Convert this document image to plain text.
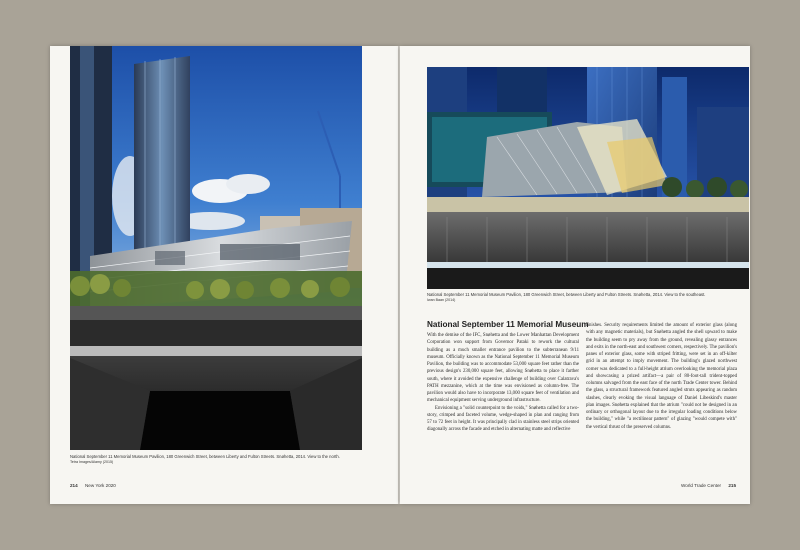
National September 11 Memorial Museum Pavilion, 180 Greenwich Street, between Liberty and Fulton Streets. Snøhetta, 2014. View to the north.
Tetra Images/Alamy (2015)
214 New York 2020
National September 11 Memorial Museum Pavilion, 180 Greenwich Street, between Liberty and Fulton Streets. Snøhetta, 2014. View to the southeast.
Iwan Baan (2014)
National September 11 Memorial Museum

With the demise of the IFC, Snøhetta and the Lower Manhattan Development Corporation won support from Governor Pataki to rework the cultural building as a much smaller entrance pavilion to the subterranean 9/11 museum. Officially known as the National September 11 Memorial Museum Pavilion, the building was to accommodate 53,000 square feet rather than the previous design's 230,000 square feet, allowing Snøhetta to place it farther south, where it avoided the expensive challenge of building over Calatrava's PATH mezzanine, which at the time was envisioned as column-free. The pavilion would also have to incorporate 13,000 square feet of ventilation and mechanical equipment serving underground infrastructure.

Envisioning a "solid counterpoint to the voids," Snøhetta called for a two-story, crimped and faceted volume, wedge-shaped in plan and ranging from 57 to 72 feet in height. It was principally clad in stainless steel strips oriented diagonally across the facade and etched in alternating matte and reflective

finishes. Security requirements limited the amount of exterior glass (along with any magnetic materials), but Snøhetta angled the shell upward to make the building seem to pry away from the ground, revealing glassy entrances and exits in the north-east and southwest corners, respectively. The pavilion's panes of exterior glass, some with striped fritting, were set in an off-kilter grid in an attempt to imply movement. The building's glazed northwest corner was dedicated to a full-height atrium overlooking the memorial plaza and showcasing a prized artifact—a pair of 80-foot-tall trident-topped columns salvaged from the east face of the north Trade Center tower. Behind the glass, a structural framework featured angled struts appearing as random slashes, clearly evoking the visual language of Daniel Libeskind's master plan images. Snøhetta explained that the atrium "could not be designed in an ordinary or orthogonal layout due to the irregular loading conditions below the building," while "a rectilinear pattern" of glazing "would compete with" the vertical thrust of the preserved columns.

World Trade Center 215
